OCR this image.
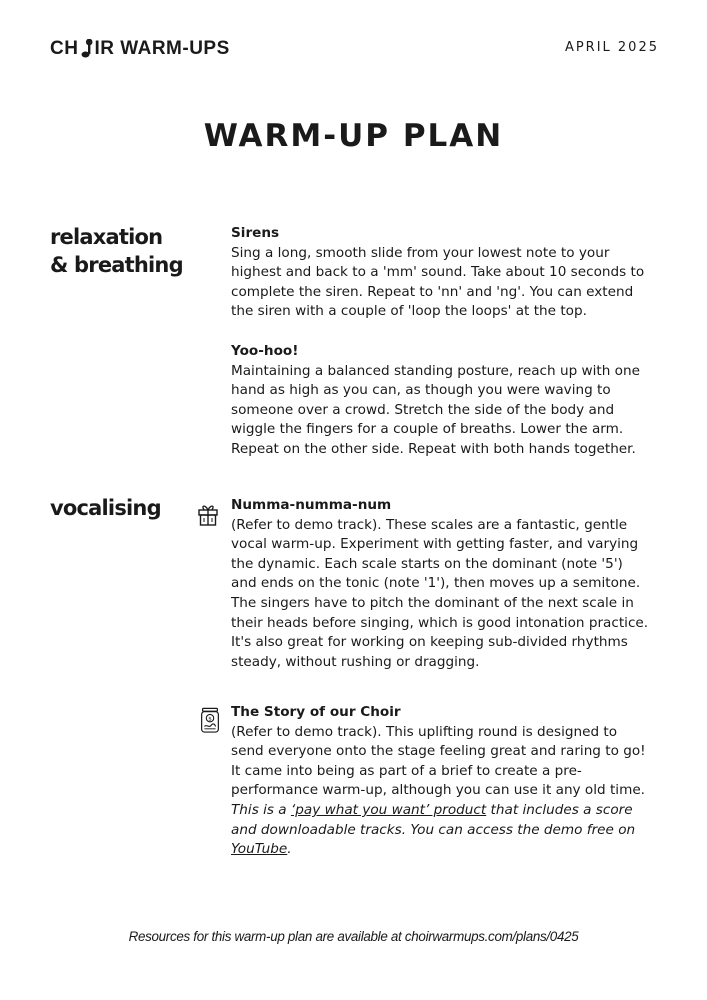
CH IR WARM-UPS	APRIL 2025
WARM-UP PLAN
relaxation
& breathing
Sirens

Sing a long, smooth slide from your lowest note to your highest and back to a 'mm' sound. Take about 10 seconds to complete the siren. Repeat to 'nn' and 'ng'. You can extend the siren with a couple of 'loop the loops' at the top.

Yoo-hoo!

Maintaining a balanced standing posture, reach up with one hand as high as you can, as though you were waving to someone over a crowd. Stretch the side of the body and wiggle the fingers for a couple of breaths. Lower the arm. Repeat on the other side. Repeat with both hands together.

vocalising	Numma-numma-num

(Refer to demo track). These scales are a fantastic, gentle vocal warm-up. Experiment with getting faster, and varying the dynamic. Each scale starts on the dominant (note '5') and ends on the tonic (note '1'), then moves up a semitone. The singers have to pitch the dominant of the next scale in their heads before singing, which is good intonation practice. It's also great for working on keeping sub-divided rhythms steady, without rushing or dragging.

$ The Story of our Choir

(Refer to demo track). This uplifting round is designed to send everyone onto the stage feeling great and raring to go! It came into being as part of a brief to create a pre-performance warm-up, although you can use it any old time.

This is a ‘pay what you want’ product that includes a score and downloadable tracks. You can access the demo free on YouTube.

Resources for this warm-up plan are available at choirwarmups.com/plans/0425
